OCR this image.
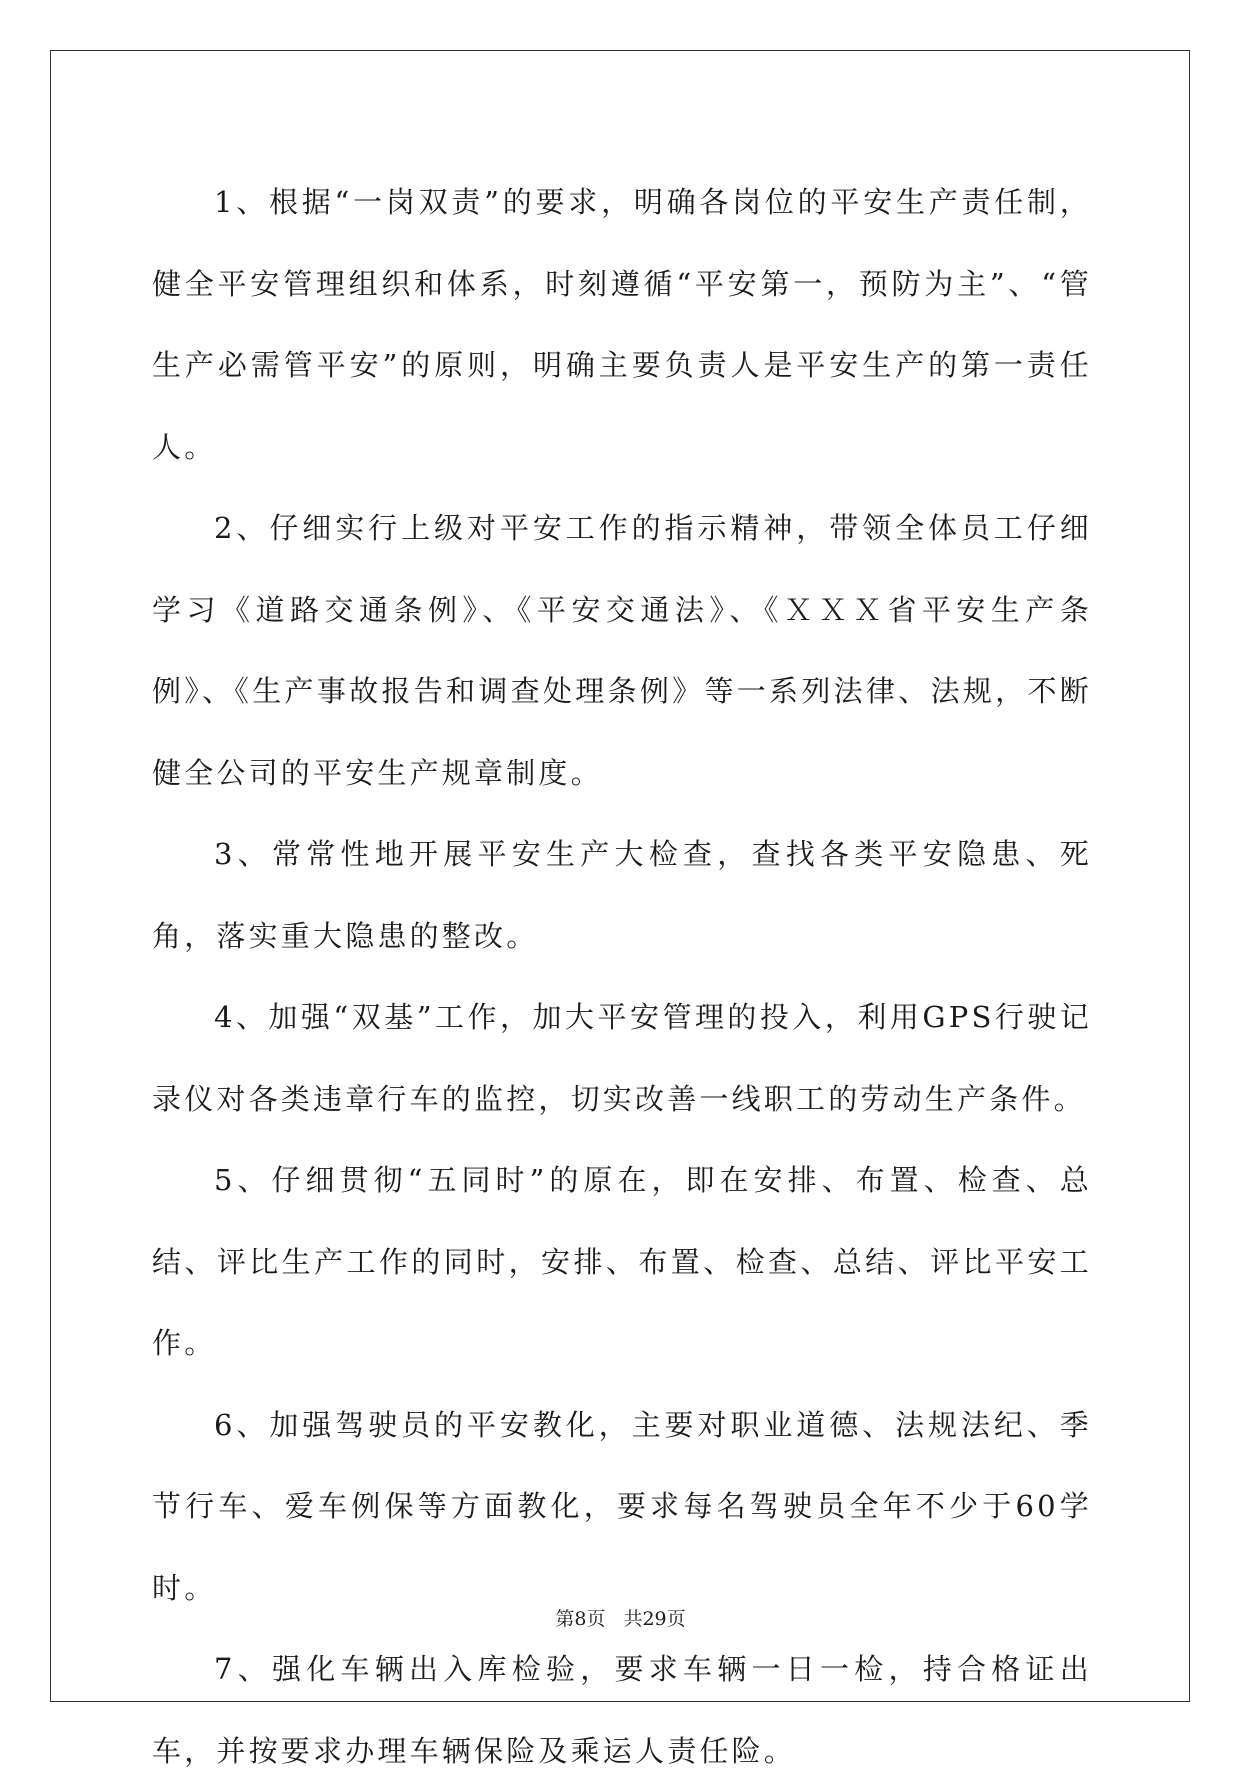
1、根据“一岗双责”的要求，明确各岗位的平安生产责任制，健全平安管理组织和体系，时刻遵循“平安第一，预防为主”、“管生产必需管平安”的原则，明确主要负责人是平安生产的第一责任人。

2、仔细实行上级对平安工作的指示精神，带领全体员工仔细学习《道路交通条例》、《平安交通法》、《ＸＸＸ省平安生产条例》、《生产事故报告和调查处理条例》等一系列法律、法规，不断健全公司的平安生产规章制度。

3、常常性地开展平安生产大检查，查找各类平安隐患、死角，落实重大隐患的整改。

4、加强“双基”工作，加大平安管理的投入，利用GPS行驶记录仪对各类违章行车的监控，切实改善一线职工的劳动生产条件。

5、仔细贯彻“五同时”的原在，即在安排、布置、检查、总结、评比生产工作的同时，安排、布置、检查、总结、评比平安工作。

6、加强驾驶员的平安教化，主要对职业道德、法规法纪、季节行车、爱车例保等方面教化，要求每名驾驶员全年不少于60学时。

7、强化车辆出入库检验，要求车辆一日一检，持合格证出车，并按要求办理车辆保险及乘运人责任险。

第8页 共29页
